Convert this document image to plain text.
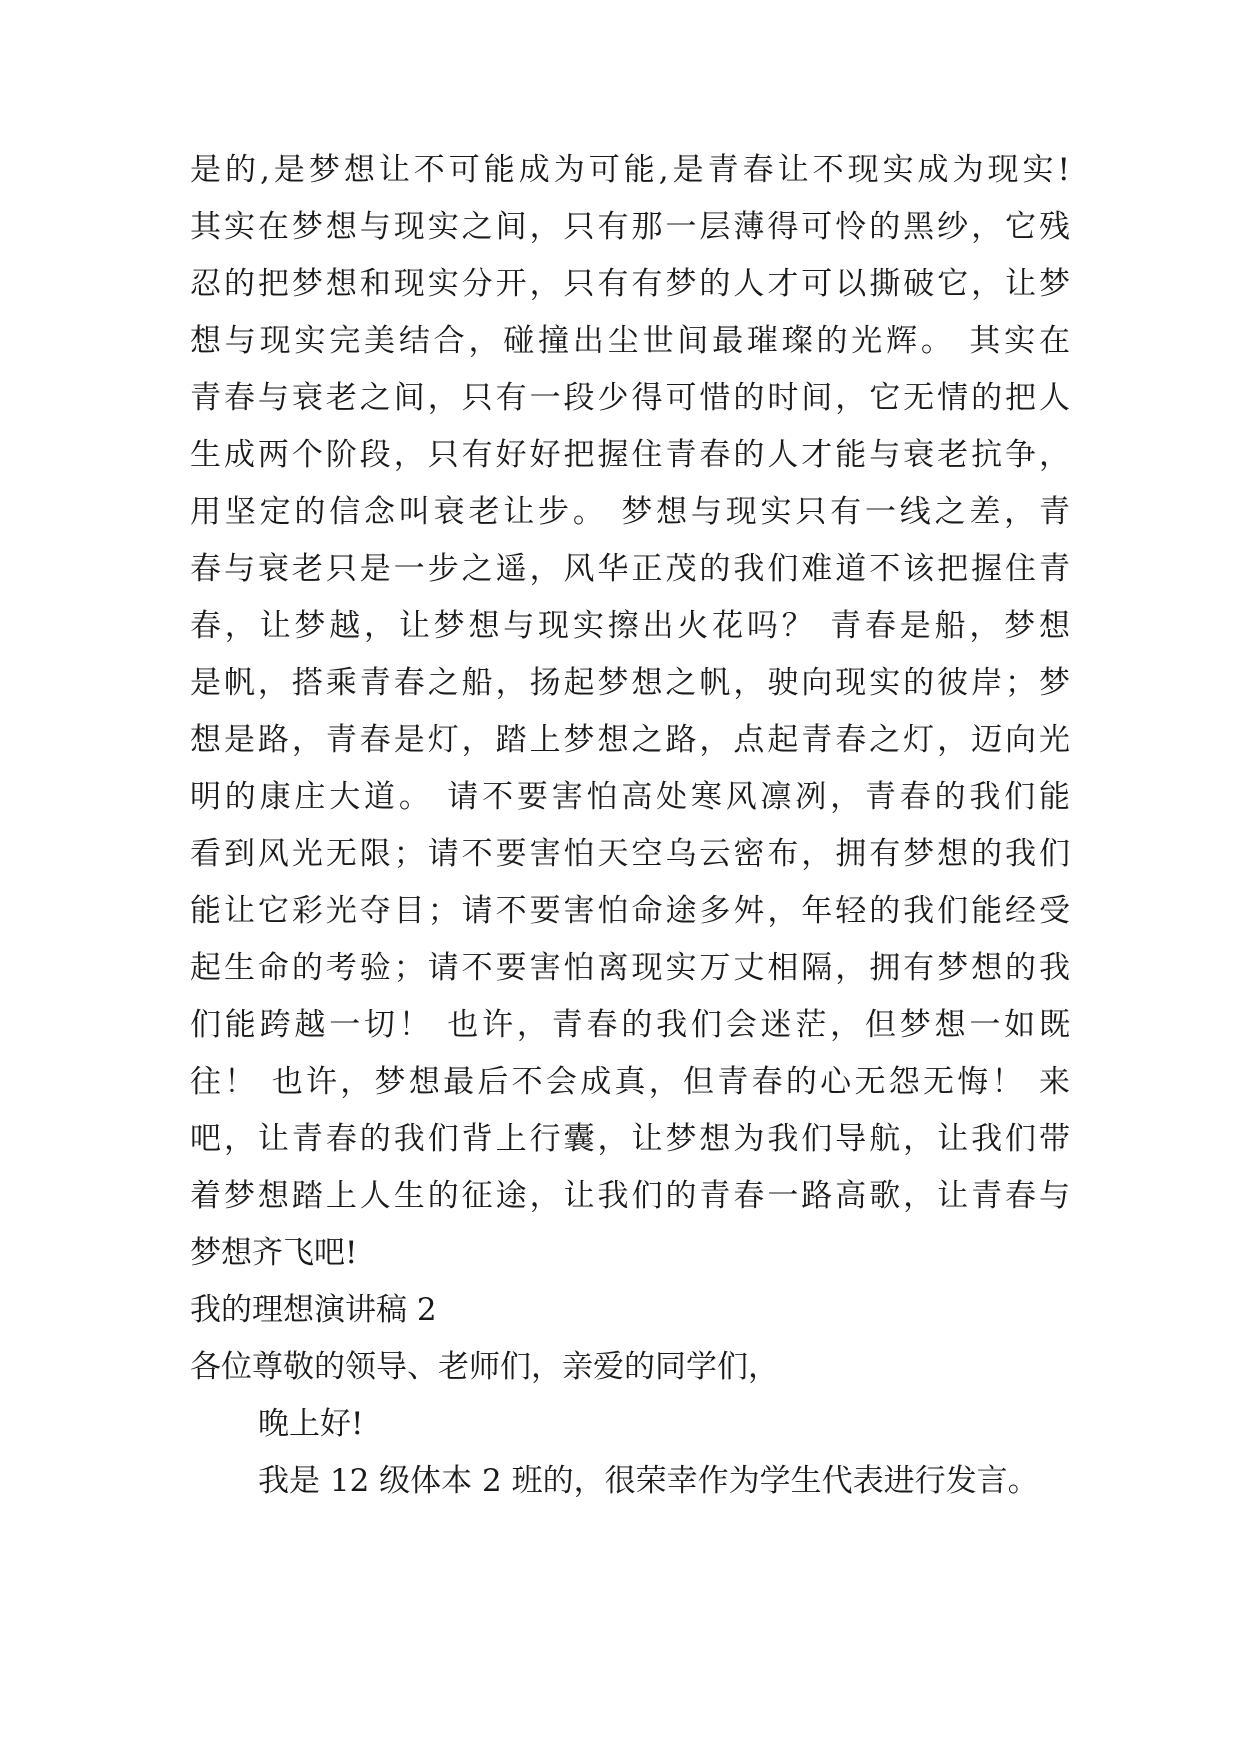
是的,是梦想让不可能成为可能,是青春让不现实成为现实!
其实在梦想与现实之间，只有那一层薄得可怜的黑纱，它残
忍的把梦想和现实分开，只有有梦的人才可以撕破它，让梦
想与现实完美结合，碰撞出尘世间最璀璨的光辉。 其实在
青春与衰老之间，只有一段少得可惜的时间，它无情的把人
生成两个阶段，只有好好把握住青春的人才能与衰老抗争，
用坚定的信念叫衰老让步。 梦想与现实只有一线之差，青
春与衰老只是一步之遥，风华正茂的我们难道不该把握住青
春，让梦越，让梦想与现实擦出火花吗？ 青春是船，梦想
是帆，搭乘青春之船，扬起梦想之帆，驶向现实的彼岸；梦
想是路，青春是灯，踏上梦想之路，点起青春之灯，迈向光
明的康庄大道。 请不要害怕高处寒风凛冽，青春的我们能
看到风光无限；请不要害怕天空乌云密布，拥有梦想的我们
能让它彩光夺目；请不要害怕命途多舛，年轻的我们能经受
起生命的考验；请不要害怕离现实万丈相隔，拥有梦想的我
们能跨越一切！ 也许，青春的我们会迷茫，但梦想一如既
往！ 也许，梦想最后不会成真，但青春的心无怨无悔！ 来
吧，让青春的我们背上行囊，让梦想为我们导航，让我们带
着梦想踏上人生的征途，让我们的青春一路高歌，让青春与
梦想齐飞吧!
我的理想演讲稿 2
各位尊敬的领导、老师们，亲爱的同学们，
晚上好!
我是 12 级体本 2 班的，很荣幸作为学生代表进行发言。
